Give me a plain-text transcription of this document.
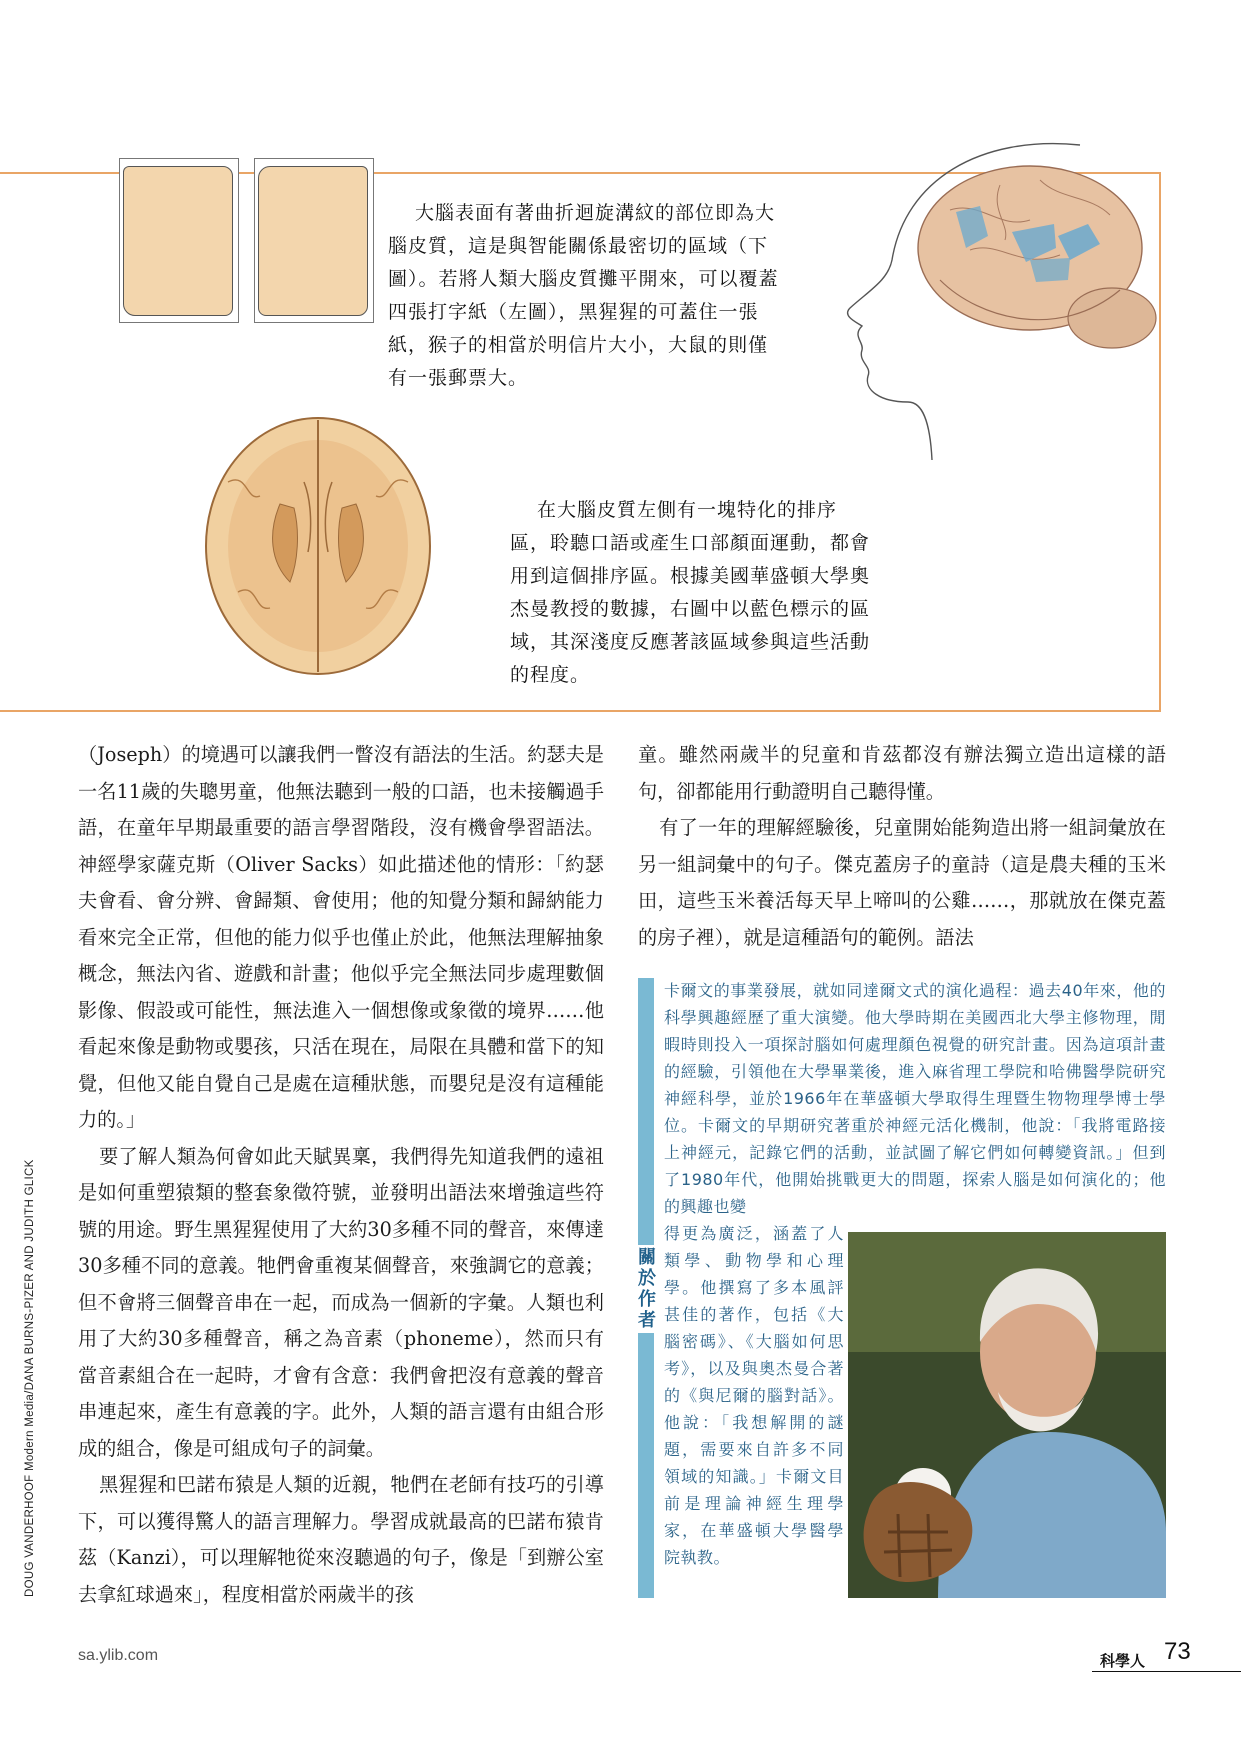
大腦表面有著曲折迴旋溝紋的部位即為大腦皮質，這是與智能關係最密切的區域（下圖）。若將人類大腦皮質攤平開來，可以覆蓋四張打字紙（左圖），黑猩猩的可蓋住一張紙，猴子的相當於明信片大小，大鼠的則僅有一張郵票大。
在大腦皮質左側有一塊特化的排序區，聆聽口語或產生口部顏面運動，都會用到這個排序區。根據美國華盛頓大學奧杰曼教授的數據，右圖中以藍色標示的區域，其深淺度反應著該區域參與這些活動的程度。

（Joseph）的境遇可以讓我們一瞥沒有語法的生活。約瑟夫是一名11歲的失聰男童，他無法聽到一般的口語，也未接觸過手語，在童年早期最重要的語言學習階段，沒有機會學習語法。神經學家薩克斯（Oliver Sacks）如此描述他的情形：「約瑟夫會看、會分辨、會歸類、會使用；他的知覺分類和歸納能力看來完全正常，但他的能力似乎也僅止於此，他無法理解抽象概念，無法內省、遊戲和計畫；他似乎完全無法同步處理數個影像、假設或可能性，無法進入一個想像或象徵的境界……他看起來像是動物或嬰孩，只活在現在，局限在具體和當下的知覺，但他又能自覺自己是處在這種狀態，而嬰兒是沒有這種能力的。」

要了解人類為何會如此天賦異稟，我們得先知道我們的遠祖是如何重塑猿類的整套象徵符號，並發明出語法來增強這些符號的用途。野生黑猩猩使用了大約30多種不同的聲音，來傳達30多種不同的意義。牠們會重複某個聲音，來強調它的意義；但不會將三個聲音串在一起，而成為一個新的字彙。人類也利用了大約30多種聲音，稱之為音素（phoneme），然而只有當音素組合在一起時，才會有含意：我們會把沒有意義的聲音串連起來，產生有意義的字。此外，人類的語言還有由組合形成的組合，像是可組成句子的詞彙。

黑猩猩和巴諾布猿是人類的近親，牠們在老師有技巧的引導下，可以獲得驚人的語言理解力。學習成就最高的巴諾布猿肯茲（Kanzi），可以理解牠從來沒聽過的句子，像是「到辦公室去拿紅球過來」，程度相當於兩歲半的孩

童。雖然兩歲半的兒童和肯茲都沒有辦法獨立造出這樣的語句，卻都能用行動證明自己聽得懂。

有了一年的理解經驗後，兒童開始能夠造出將一組詞彙放在另一組詞彙中的句子。傑克蓋房子的童詩（這是農夫種的玉米田，這些玉米養活每天早上啼叫的公雞……，那就放在傑克蓋的房子裡），就是這種語句的範例。語法

關於作者
卡爾文的事業發展，就如同達爾文式的演化過程：過去40年來，他的科學興趣經歷了重大演變。他大學時期在美國西北大學主修物理，閒暇時則投入一項探討腦如何處理顏色視覺的研究計畫。因為這項計畫的經驗，引領他在大學畢業後，進入麻省理工學院和哈佛醫學院研究神經科學，並於1966年在華盛頓大學取得生理暨生物物理學博士學位。卡爾文的早期研究著重於神經元活化機制，他說：「我將電路接上神經元，記錄它們的活動，並試圖了解它們如何轉變資訊。」但到了1980年代，他開始挑戰更大的問題，探索人腦是如何演化的；他的興趣也變
得更為廣泛，涵蓋了人類學、動物學和心理學。他撰寫了多本風評甚佳的著作，包括《大腦密碼》、《大腦如何思考》，以及與奧杰曼合著的《與尼爾的腦對話》。他說：「我想解開的謎題，需要來自許多不同領域的知識。」卡爾文目前是理論神經生理學家，在華盛頓大學醫學院執教。
DOUG VANDERHOOF Modern Media/DANA BURNS-PIZER AND JUDITH GLICK
sa.ylib.com	科學人 73
